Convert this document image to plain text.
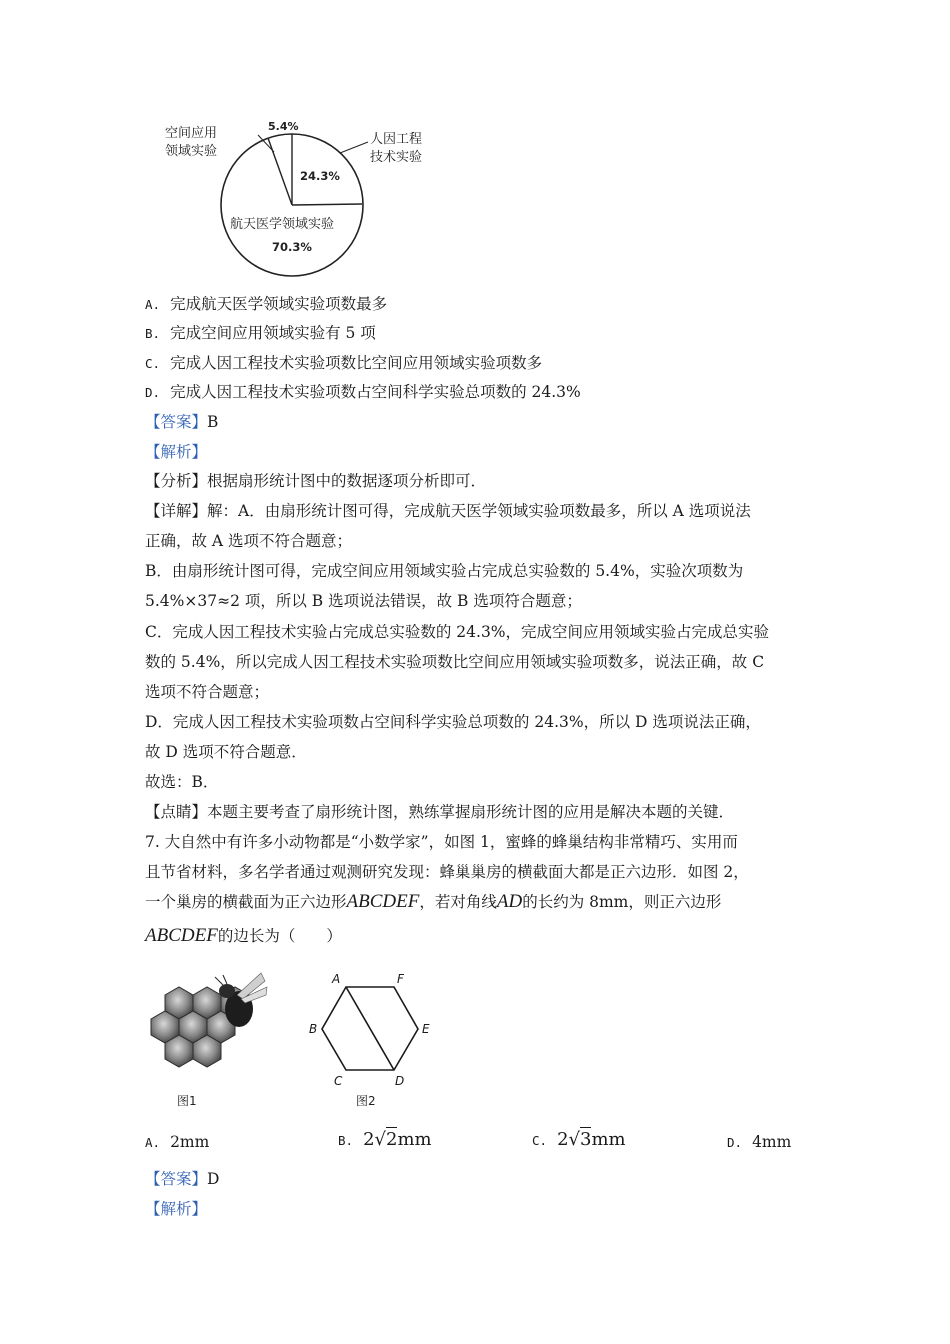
空间应用
领域实验
5.4%
人因工程
技术实验
24.3%
航天医学领域实验
70.3%
A. 完成航天医学领域实验项数最多
B. 完成空间应用领域实验有 5 项
C. 完成人因工程技术实验项数比空间应用领域实验项数多
D. 完成人因工程技术实验项数占空间科学实验总项数的 24.3%
【答案】B
【解析】
【分析】根据扇形统计图中的数据逐项分析即可．
【详解】解：A．由扇形统计图可得，完成航天医学领域实验项数最多，所以 A 选项说法
正确，故 A 选项不符合题意；
B．由扇形统计图可得，完成空间应用领域实验占完成总实验数的 5.4%，实验次项数为
5.4%×37≈2 项，所以 B 选项说法错误，故 B 选项符合题意；
C．完成人因工程技术实验占完成总实验数的 24.3%，完成空间应用领域实验占完成总实验
数的 5.4%，所以完成人因工程技术实验项数比空间应用领域实验项数多，说法正确，故 C
选项不符合题意；
D．完成人因工程技术实验项数占空间科学实验总项数的 24.3%，所以 D 选项说法正确，
故 D 选项不符合题意．
故选：B．
【点睛】本题主要考查了扇形统计图，熟练掌握扇形统计图的应用是解决本题的关键．
7. 大自然中有许多小动物都是“小数学家”，如图 1，蜜蜂的蜂巢结构非常精巧、实用而
且节省材料，多名学者通过观测研究发现：蜂巢巢房的横截面大都是正六边形．如图 2，
一个巢房的横截面为正六边形ABCDEF，若对角线AD的长约为 8mm，则正六边形
ABCDEF的边长为（　　）
图1
A	F
B	E
C	D
图2
A. 2mm	B. 2√2mm	C. 2√3mm	D. 4mm
【答案】D
【解析】
